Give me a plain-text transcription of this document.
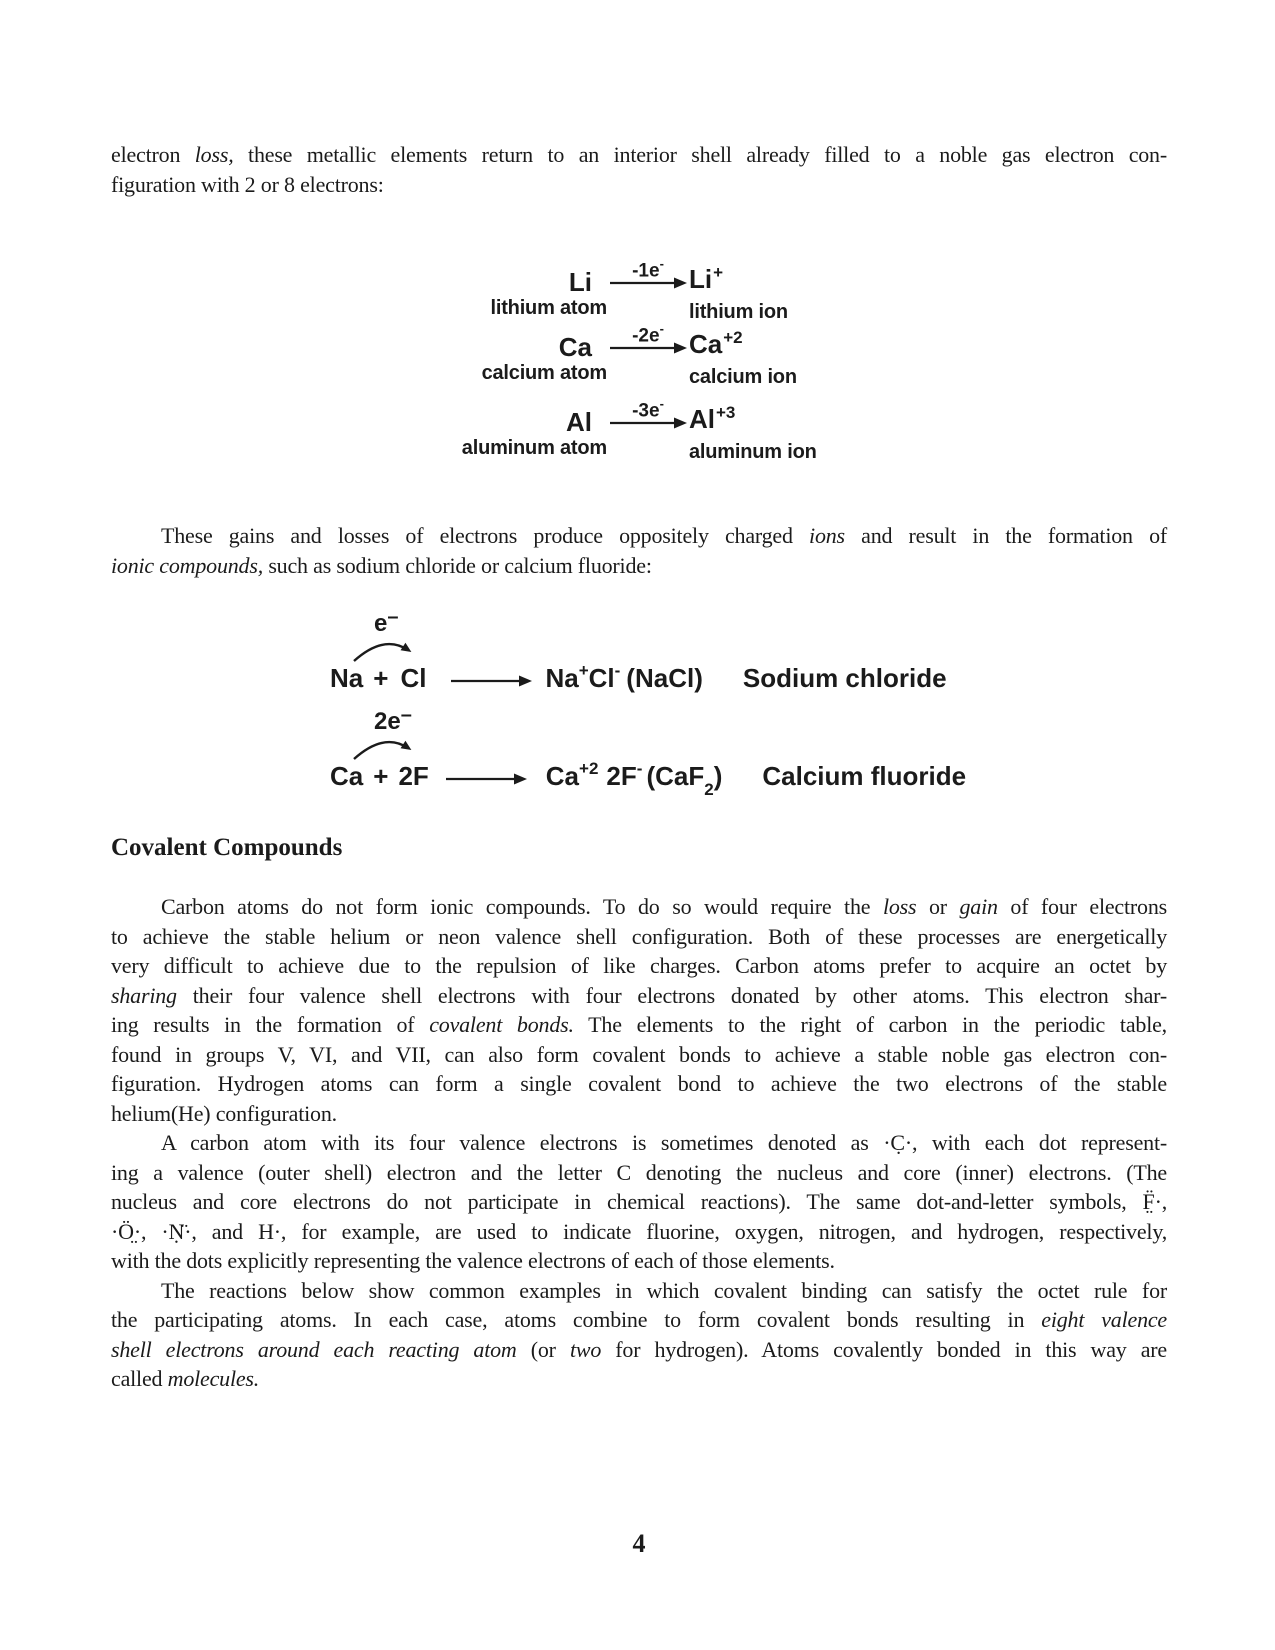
electron loss, these metallic elements return to an interior shell already filled to a noble gas electron con-
figuration with 2 or 8 electrons:
Li
lithium atom
-1e-
Li+
lithium ion
Ca
calcium atom
-2e-
$Ca^{+2}$
calcium ion
Al
aluminum atom
-3e-
$Al^{+3}$
aluminum ion
These gains and losses of electrons produce oppositely charged ions and result in the formation of
ionic compounds, such as sodium chloride or calcium fluoride:
e–
Na + Cl	Na+ Cl- (NaCl) Sodium chloride
2e–
Ca + 2F	$Ca^{+2}$ 2F- (CaF$_2$) Calcium fluoride
Covalent Compounds
Carbon atoms do not form ionic compounds. To do so would require the loss or gain of four electrons
to achieve the stable helium or neon valence shell configuration. Both of these processes are energetically
very difficult to achieve due to the repulsion of like charges. Carbon atoms prefer to acquire an octet by
sharing their four valence shell electrons with four electrons donated by other atoms. This electron shar-
ing results in the formation of covalent bonds. The elements to the right of carbon in the periodic table,
found in groups V, VI, and VII, can also form covalent bonds to achieve a stable noble gas electron con-
figuration. Hydrogen atoms can form a single covalent bond to achieve the two electrons of the stable
helium(He) configuration.
A carbon atom with its four valence electrons is sometimes denoted as ·C̣·, with each dot represent-
ing a valence (outer shell) electron and the letter C denoting the nucleus and core (inner) electrons. (The
nucleus and core electrons do not participate in chemical reactions). The same dot-and-letter symbols, F̤̈·,
·Ö̤·, ·Ṇ̈·, and H·, for example, are used to indicate fluorine, oxygen, nitrogen, and hydrogen, respectively,
with the dots explicitly representing the valence electrons of each of those elements.
The reactions below show common examples in which covalent binding can satisfy the octet rule for
the participating atoms. In each case, atoms combine to form covalent bonds resulting in eight valence
shell electrons around each reacting atom (or two for hydrogen). Atoms covalently bonded in this way are
called molecules.
4
